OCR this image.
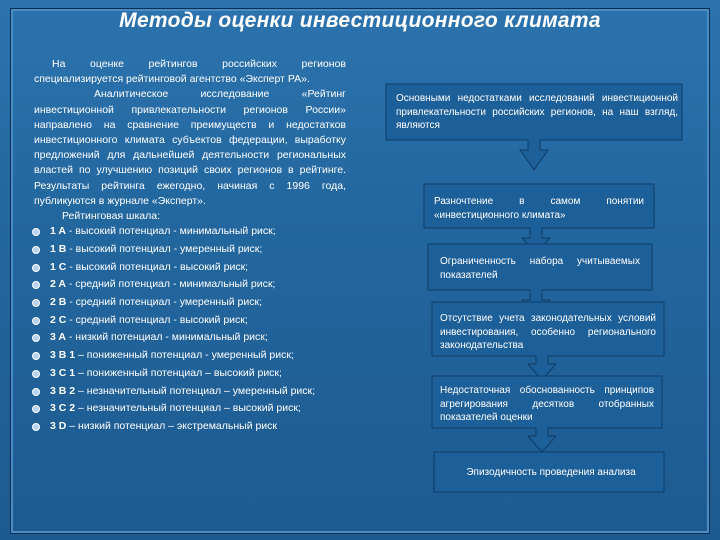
Методы оценки инвестиционного климата

На оценке рейтингов российских регионов специализируется рейтинговой агентство «Эксперт РА».

Аналитическое исследование «Рейтинг инвестиционной привлекательности регионов России» направлено на сравнение преимуществ и недостатков инвестиционного климата субъектов федерации, выработку предложений для дальнейшей деятельности региональных властей по улучшению позиций своих регионов в рейтинге. Результаты рейтинга ежегодно, начиная с 1996 года, публикуются в журнале «Эксперт».

Рейтинговая шкала:

1 A - высокий потенциал - минимальный риск;
1 B - высокий потенциал - умеренный риск;
1 C - высокий потенциал - высокий риск;
2 A - средний потенциал - минимальный риск;
2 B - средний потенциал - умеренный риск;
2 C - средний потенциал - высокий риск;
3 A - низкий потенциал - минимальный риск;
3 B 1 – пониженный потенциал - умеренный риск;
3 C 1 – пониженный потенциал – высокий риск;
3 B 2 – незначительный потенциал – умеренный риск;
3 C 2 – незначительный потенциал – высокий риск;
3 D – низкий потенциал – экстремальный риск
Основными недостатками исследований инвестиционной привлекательности российских регионов, на наш взгляд, являются
Разночтение в самом понятии «инвестиционного климата»
Ограниченность набора учитываемых показателей
Отсутствие учета законодательных условий инвестирования, особенно регионального законодательства
Недостаточная обоснованность принципов агрегирования десятков отобранных показателей оценки
Эпизодичность проведения анализа
